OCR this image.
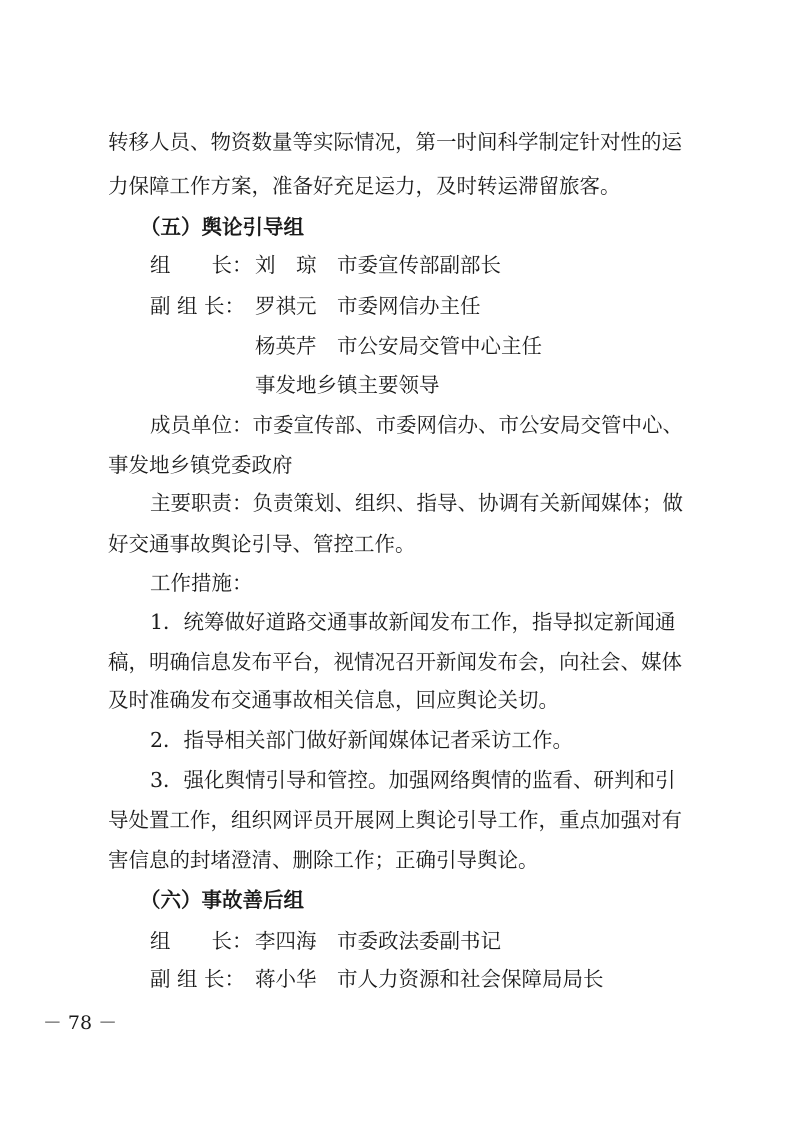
转移人员、物资数量等实际情况，第一时间科学制定针对性的运
力保障工作方案，准备好充足运力，及时转运滞留旅客。
（五）舆论引导组
组　　长： 刘　琼　市委宣传部副部长
副 组 长： 罗祺元　市委网信办主任
杨英芹　市公安局交管中心主任
事发地乡镇主要领导
成员单位：市委宣传部、市委网信办、市公安局交管中心、
事发地乡镇党委政府
主要职责：负责策划、组织、指导、协调有关新闻媒体；做
好交通事故舆论引导、管控工作。
工作措施：
1．统筹做好道路交通事故新闻发布工作，指导拟定新闻通
稿，明确信息发布平台，视情况召开新闻发布会，向社会、媒体
及时准确发布交通事故相关信息，回应舆论关切。
2．指导相关部门做好新闻媒体记者采访工作。
3．强化舆情引导和管控。加强网络舆情的监看、研判和引
导处置工作，组织网评员开展网上舆论引导工作，重点加强对有
害信息的封堵澄清、删除工作；正确引导舆论。
（六）事故善后组
组　　长： 李四海　市委政法委副书记
副 组 长： 蒋小华　市人力资源和社会保障局局长
－ 78 －
